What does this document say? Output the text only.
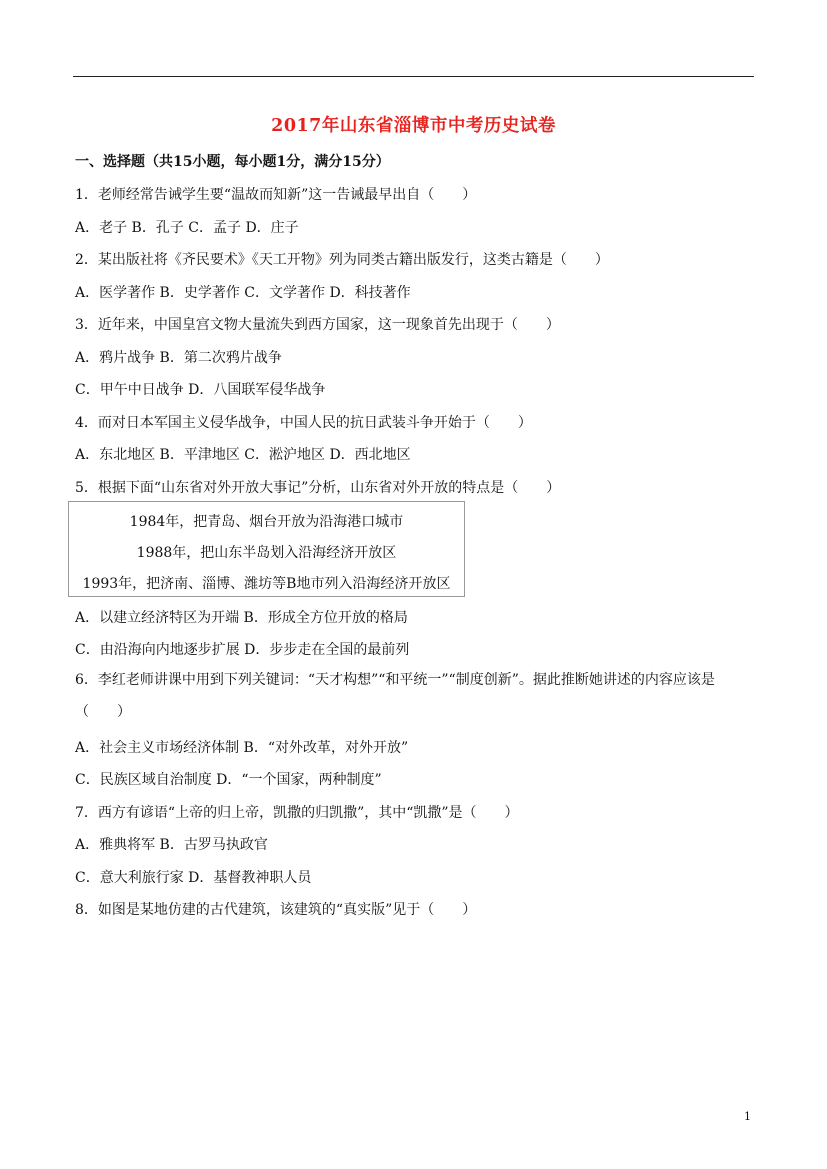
2017年山东省淄博市中考历史试卷
一、选择题（共15小题，每小题1分，满分15分）
1．老师经常告诫学生要“温故而知新”这一告诫最早出自（　　）
A．老子 B．孔子 C．孟子 D．庄子
2．某出版社将《齐民要术》《天工开物》列为同类古籍出版发行，这类古籍是（　　）
A．医学著作 B．史学著作 C．文学著作 D．科技著作
3．近年来，中国皇宫文物大量流失到西方国家，这一现象首先出现于（　　）
A．鸦片战争 B．第二次鸦片战争
C．甲午中日战争 D．八国联军侵华战争
4．而对日本军国主义侵华战争，中国人民的抗日武装斗争开始于（　　）
A．东北地区 B．平津地区 C．淞沪地区 D．西北地区
5．根据下面“山东省对外开放大事记”分析，山东省对外开放的特点是（　　）
1984年，把青岛、烟台开放为沿海港口城市
1988年，把山东半岛划入沿海经济开放区
1993年，把济南、淄博、潍坊等B地市列入沿海经济开放区
A．以建立经济特区为开端 B．形成全方位开放的格局
C．由沿海向内地逐步扩展 D．步步走在全国的最前列
6．李红老师讲课中用到下列关键词：“天才构想”“和平统一”“制度创新”。据此推断她讲述的内容应该是（　　）
A．社会主义市场经济体制 B．“对外改革，对外开放”
C．民族区域自治制度 D．“一个国家，两种制度”
7．西方有谚语“上帝的归上帝，凯撒的归凯撒”，其中“凯撒”是（　　）
A．雅典将军 B．古罗马执政官
C．意大利旅行家 D．基督教神职人员
8．如图是某地仿建的古代建筑，该建筑的“真实版”见于（　　）
1
